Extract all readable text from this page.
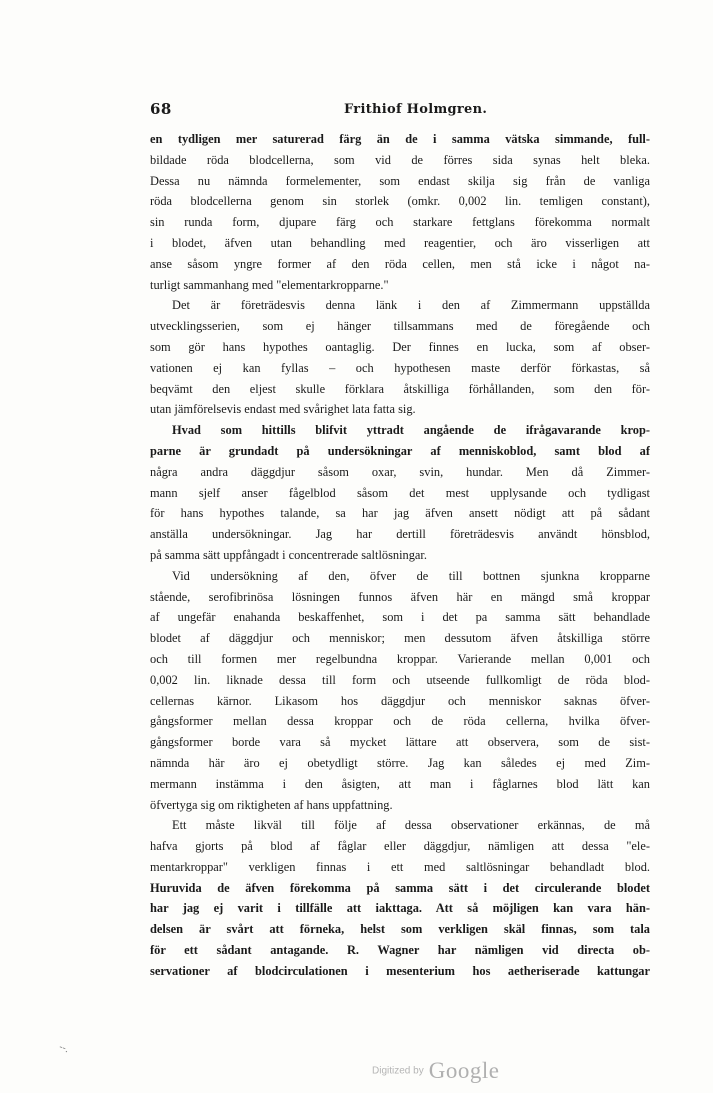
68	Frithiof Holmgren.
en tydligen mer saturerad färg än de i samma vätska simmande, full-
bildade röda blodcellerna, som vid de förres sida synas helt bleka.
Dessa nu nämnda formelementer, som endast skilja sig från de vanliga
röda blodcellerna genom sin storlek (omkr. 0,002 lin. temligen constant),
sin runda form, djupare färg och starkare fettglans förekomma normalt
i blodet, äfven utan behandling med reagentier, och äro visserligen att
anse såsom yngre former af den röda cellen, men stå icke i något na-
turligt sammanhang med "elementarkropparne."
Det är företrädesvis denna länk i den af Zimmermann uppställda
utvecklingsserien, som ej hänger tillsammans med de föregående och
som gör hans hypothes oantaglig. Der finnes en lucka, som af obser-
vationen ej kan fyllas – och hypothesen maste derför förkastas, så
beqvämt den eljest skulle förklara åtskilliga förhållanden, som den för-
utan jämförelsevis endast med svårighet lata fatta sig.
Hvad som hittills blifvit yttradt angående de ifrågavarande krop-
parne är grundadt på undersökningar af menniskoblod, samt blod af
några andra däggdjur såsom oxar, svin, hundar. Men då Zimmer-
mann sjelf anser fågelblod såsom det mest upplysande och tydligast
för hans hypothes talande, sa har jag äfven ansett nödigt att på sådant
anställa undersökningar. Jag har dertill företrädesvis användt hönsblod,
på samma sätt uppfångadt i concentrerade saltlösningar.
Vid undersökning af den, öfver de till bottnen sjunkna kropparne
stående, serofibrinösa lösningen funnos äfven här en mängd små kroppar
af ungefär enahanda beskaffenhet, som i det pa samma sätt behandlade
blodet af däggdjur och menniskor; men dessutom äfven åtskilliga större
och till formen mer regelbundna kroppar. Varierande mellan 0,001 och
0,002 lin. liknade dessa till form och utseende fullkomligt de röda blod-
cellernas kärnor. Likasom hos däggdjur och menniskor saknas öfver-
gångsformer mellan dessa kroppar och de röda cellerna, hvilka öfver-
gångsformer borde vara så mycket lättare att observera, som de sist-
nämnda här äro ej obetydligt större. Jag kan således ej med Zim-
mermann instämma i den åsigten, att man i fåglarnes blod lätt kan
öfvertyga sig om riktigheten af hans uppfattning.
Ett måste likväl till följe af dessa observationer erkännas, de må
hafva gjorts på blod af fåglar eller däggdjur, nämligen att dessa "ele-
mentarkroppar" verkligen finnas i ett med saltlösningar behandladt blod.
Huruvida de äfven förekomma på samma sätt i det circulerande blodet
har jag ej varit i tillfälle att iakttaga. Att så möjligen kan vara hän-
delsen är svårt att förneka, helst som verkligen skäl finnas, som tala
för ett sådant antagande. R. Wagner har nämligen vid directa ob-
servationer af blodcirculationen i mesenterium hos aetheriserade kattungar
--.
Digitized by Google
